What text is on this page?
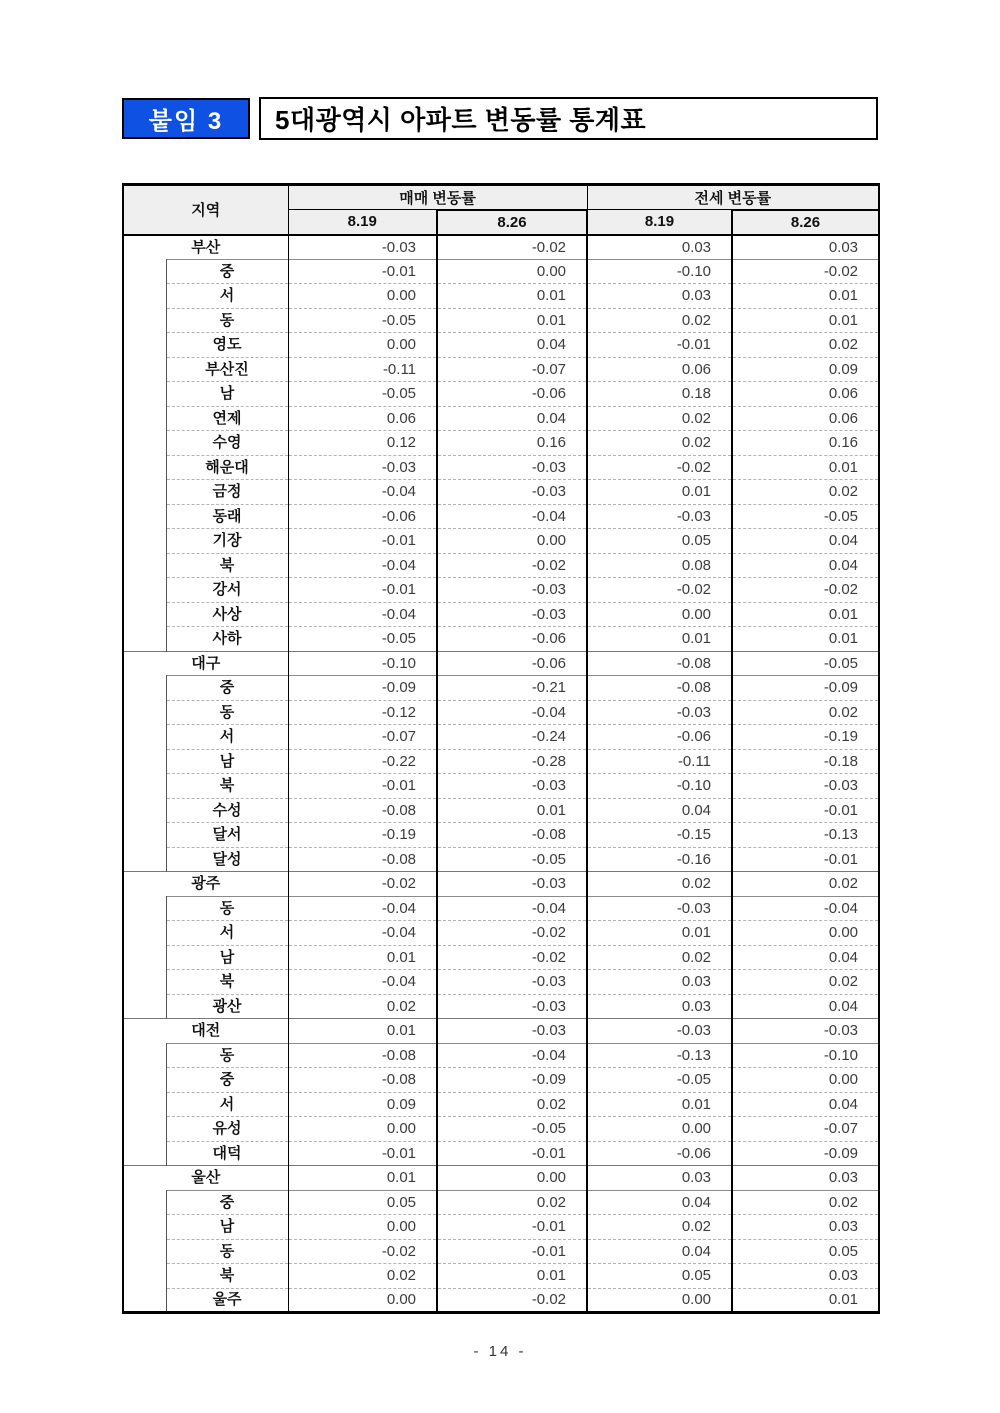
붙임 3	5대광역시 아파트 변동률 통계표
지역		매매 변동률		전세 변동률	
		8.19	8.26	8.19	8.26
부산		-0.03	-0.02	0.03	0.03
	중	-0.01	0.00	-0.10	-0.02
	서	0.00	0.01	0.03	0.01
	동	-0.05	0.01	0.02	0.01
	영도	0.00	0.04	-0.01	0.02
	부산진	-0.11	-0.07	0.06	0.09
	남	-0.05	-0.06	0.18	0.06
	연제	0.06	0.04	0.02	0.06
	수영	0.12	0.16	0.02	0.16
	해운대	-0.03	-0.03	-0.02	0.01
	금정	-0.04	-0.03	0.01	0.02
	동래	-0.06	-0.04	-0.03	-0.05
	기장	-0.01	0.00	0.05	0.04
	북	-0.04	-0.02	0.08	0.04
	강서	-0.01	-0.03	-0.02	-0.02
	사상	-0.04	-0.03	0.00	0.01
	사하	-0.05	-0.06	0.01	0.01
대구		-0.10	-0.06	-0.08	-0.05
	중	-0.09	-0.21	-0.08	-0.09
	동	-0.12	-0.04	-0.03	0.02
	서	-0.07	-0.24	-0.06	-0.19
	남	-0.22	-0.28	-0.11	-0.18
	북	-0.01	-0.03	-0.10	-0.03
	수성	-0.08	0.01	0.04	-0.01
	달서	-0.19	-0.08	-0.15	-0.13
	달성	-0.08	-0.05	-0.16	-0.01
광주		-0.02	-0.03	0.02	0.02
	동	-0.04	-0.04	-0.03	-0.04
	서	-0.04	-0.02	0.01	0.00
	남	0.01	-0.02	0.02	0.04
	북	-0.04	-0.03	0.03	0.02
	광산	0.02	-0.03	0.03	0.04
대전		0.01	-0.03	-0.03	-0.03
	동	-0.08	-0.04	-0.13	-0.10
	중	-0.08	-0.09	-0.05	0.00
	서	0.09	0.02	0.01	0.04
	유성	0.00	-0.05	0.00	-0.07
	대덕	-0.01	-0.01	-0.06	-0.09
울산		0.01	0.00	0.03	0.03
	중	0.05	0.02	0.04	0.02
	남	0.00	-0.01	0.02	0.03
	동	-0.02	-0.01	0.04	0.05
	북	0.02	0.01	0.05	0.03
	울주	0.00	-0.02	0.00	0.01
- 14 -
